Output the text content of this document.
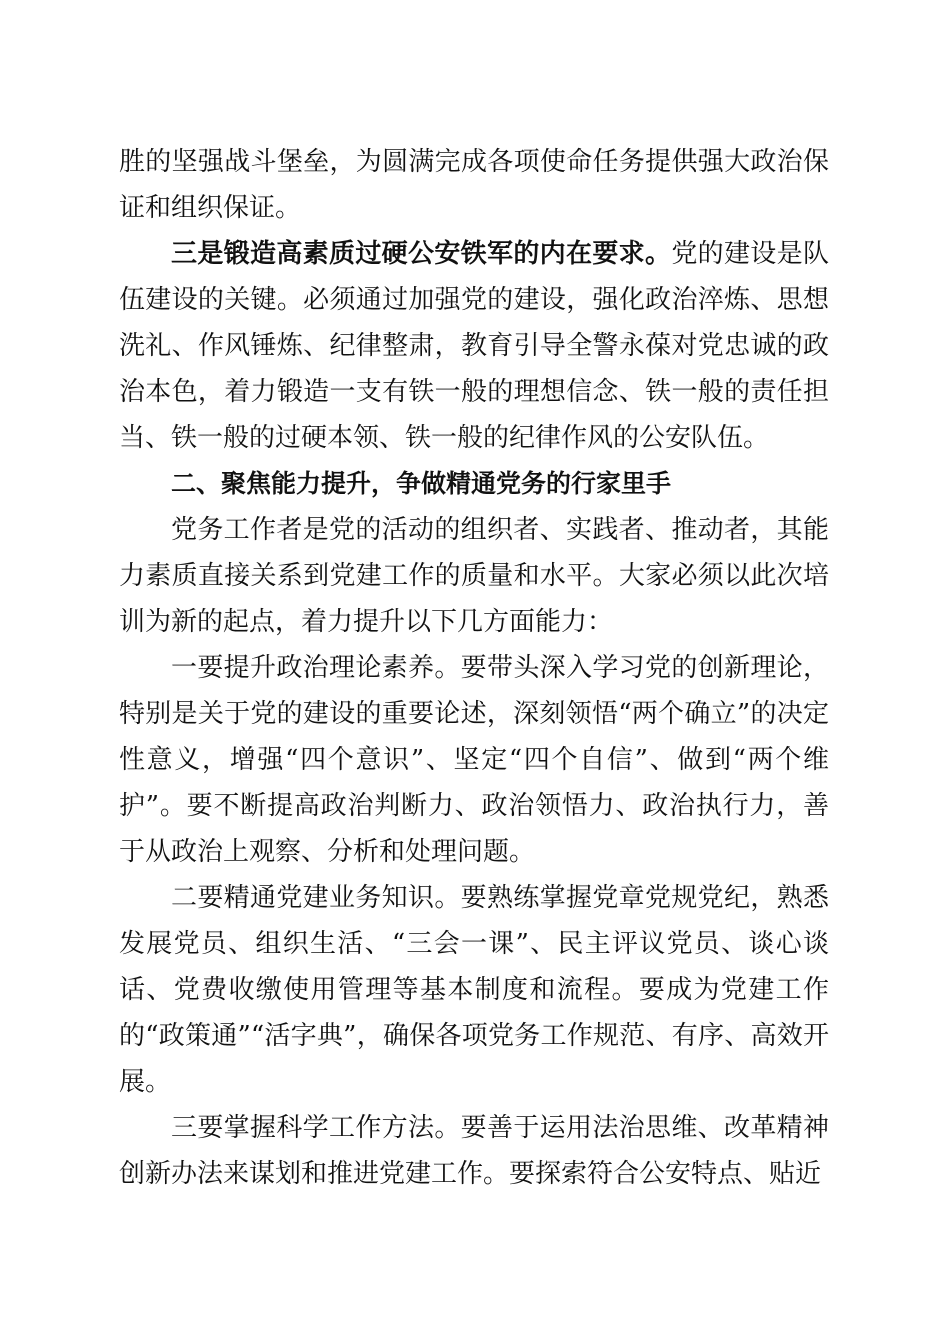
胜的坚强战斗堡垒，为圆满完成各项使命任务提供强大政治保证和组织保证。

三是锻造高素质过硬公安铁军的内在要求。党的建设是队伍建设的关键。必须通过加强党的建设，强化政治淬炼、思想洗礼、作风锤炼、纪律整肃，教育引导全警永葆对党忠诚的政治本色，着力锻造一支有铁一般的理想信念、铁一般的责任担当、铁一般的过硬本领、铁一般的纪律作风的公安队伍。

二、聚焦能力提升，争做精通党务的行家里手

党务工作者是党的活动的组织者、实践者、推动者，其能力素质直接关系到党建工作的质量和水平。大家必须以此次培训为新的起点，着力提升以下几方面能力：

一要提升政治理论素养。要带头深入学习党的创新理论，特别是关于党的建设的重要论述，深刻领悟“两个确立”的决定性意义，增强“四个意识”、坚定“四个自信”、做到“两个维护”。要不断提高政治判断力、政治领悟力、政治执行力，善于从政治上观察、分析和处理问题。

二要精通党建业务知识。要熟练掌握党章党规党纪，熟悉发展党员、组织生活、“三会一课”、民主评议党员、谈心谈话、党费收缴使用管理等基本制度和流程。要成为党建工作的“政策通”“活字典”，确保各项党务工作规范、有序、高效开展。

三要掌握科学工作方法。要善于运用法治思维、改革精神创新办法来谋划和推进党建工作。要探索符合公安特点、贴近
